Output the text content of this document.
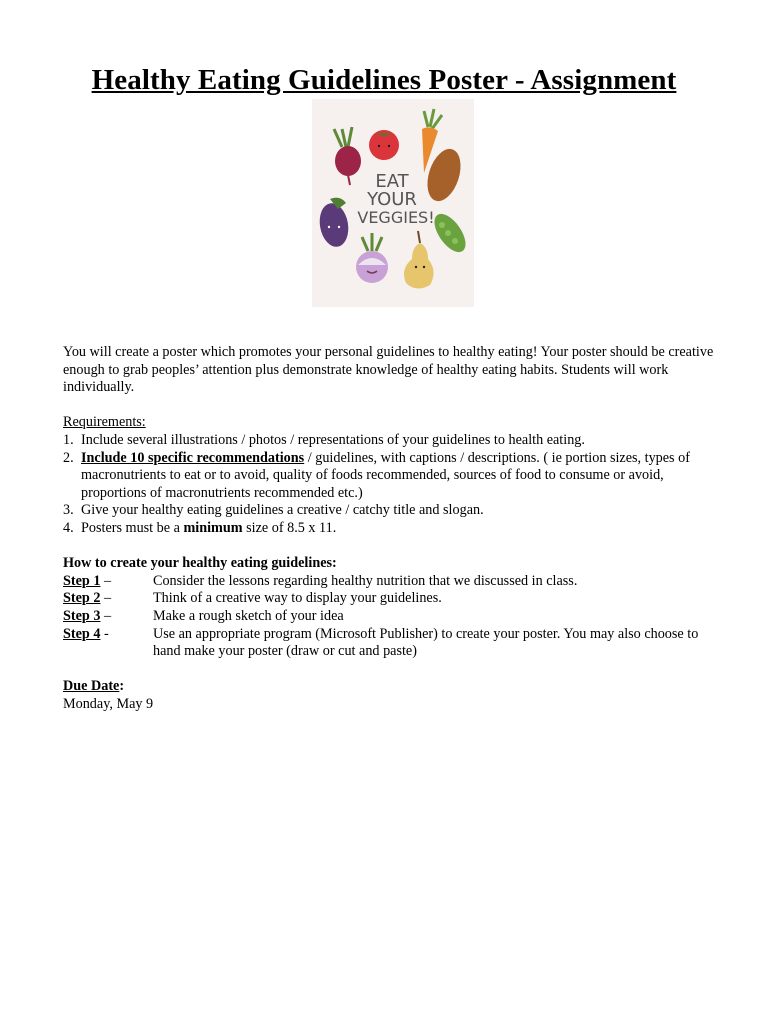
Healthy Eating Guidelines Poster - Assignment
EAT
YOUR
VEGGIES!

You will create a poster which promotes your personal guidelines to healthy eating! Your poster should be creative enough to grab peoples’ attention plus demonstrate knowledge of healthy eating habits. Students will work individually.

Requirements:
1. Include several illustrations / photos / representations of your guidelines to health eating.
2. Include 10 specific recommendations / guidelines, with captions / descriptions. ( ie portion sizes, types of macronutrients to eat or to avoid, quality of foods recommended, sources of food to consume or avoid, proportions of macronutrients recommended etc.)
3. Give your healthy eating guidelines a creative / catchy title and slogan.
4. Posters must be a minimum size of 8.5 x 11.
How to create your healthy eating guidelines:
Step 1 –	Consider the lessons regarding healthy nutrition that we discussed in class.
Step 2 –	Think of a creative way to display your guidelines.
Step 3 –	Make a rough sketch of your idea
Step 4 -	Use an appropriate program (Microsoft Publisher) to create your poster. You may also choose to hand make your poster (draw or cut and paste)
Due Date:
Monday, May 9
